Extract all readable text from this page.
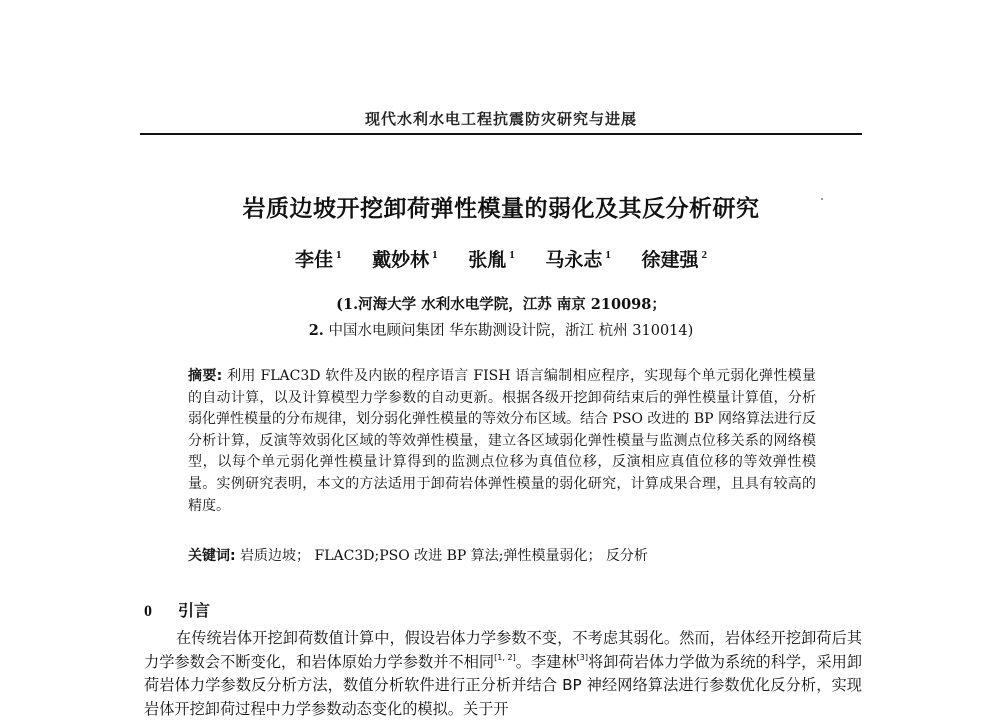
现代水利水电工程抗震防灾研究与进展
岩质边坡开挖卸荷弹性模量的弱化及其反分析研究
李佳 $^1$ 戴妙林 $^1$ 张胤 $^1$ 马永志 $^1$ 徐建强 $^2$
(1.河海大学 水利水电学院，江苏 南京 210098；
2. 中国水电顾问集团 华东勘测设计院，浙江 杭州 310014)
摘要: 利用 FLAC3D 软件及内嵌的程序语言 FISH 语言编制相应程序，实现每个单元弱化弹性模量的自动计算，以及计算模型力学参数的自动更新。根据各级开挖卸荷结束后的弹性模量计算值，分析弱化弹性模量的分布规律，划分弱化弹性模量的等效分布区域。结合 PSO 改进的 BP 网络算法进行反分析计算，反演等效弱化区域的等效弹性模量，建立各区域弱化弹性模量与监测点位移关系的网络模型，以每个单元弱化弹性模量计算得到的监测点位移为真值位移，反演相应真值位移的等效弹性模量。实例研究表明，本文的方法适用于卸荷岩体弹性模量的弱化研究，计算成果合理，且具有较高的精度。
关键词: 岩质边坡； FLAC3D;PSO 改进 BP 算法;弹性模量弱化； 反分析
0 引言
在传统岩体开挖卸荷数值计算中，假设岩体力学参数不变，不考虑其弱化。然而，岩体经开挖卸荷后其力学参数会不断变化，和岩体原始力学参数并不相同[1, 2]。李建林[3]将卸荷岩体力学做为系统的科学，采用卸荷岩体力学参数反分析方法，数值分析软件进行正分析并结合 BP 神经网络算法进行参数优化反分析，实现岩体开挖卸荷过程中力学参数动态变化的模拟。关于开
